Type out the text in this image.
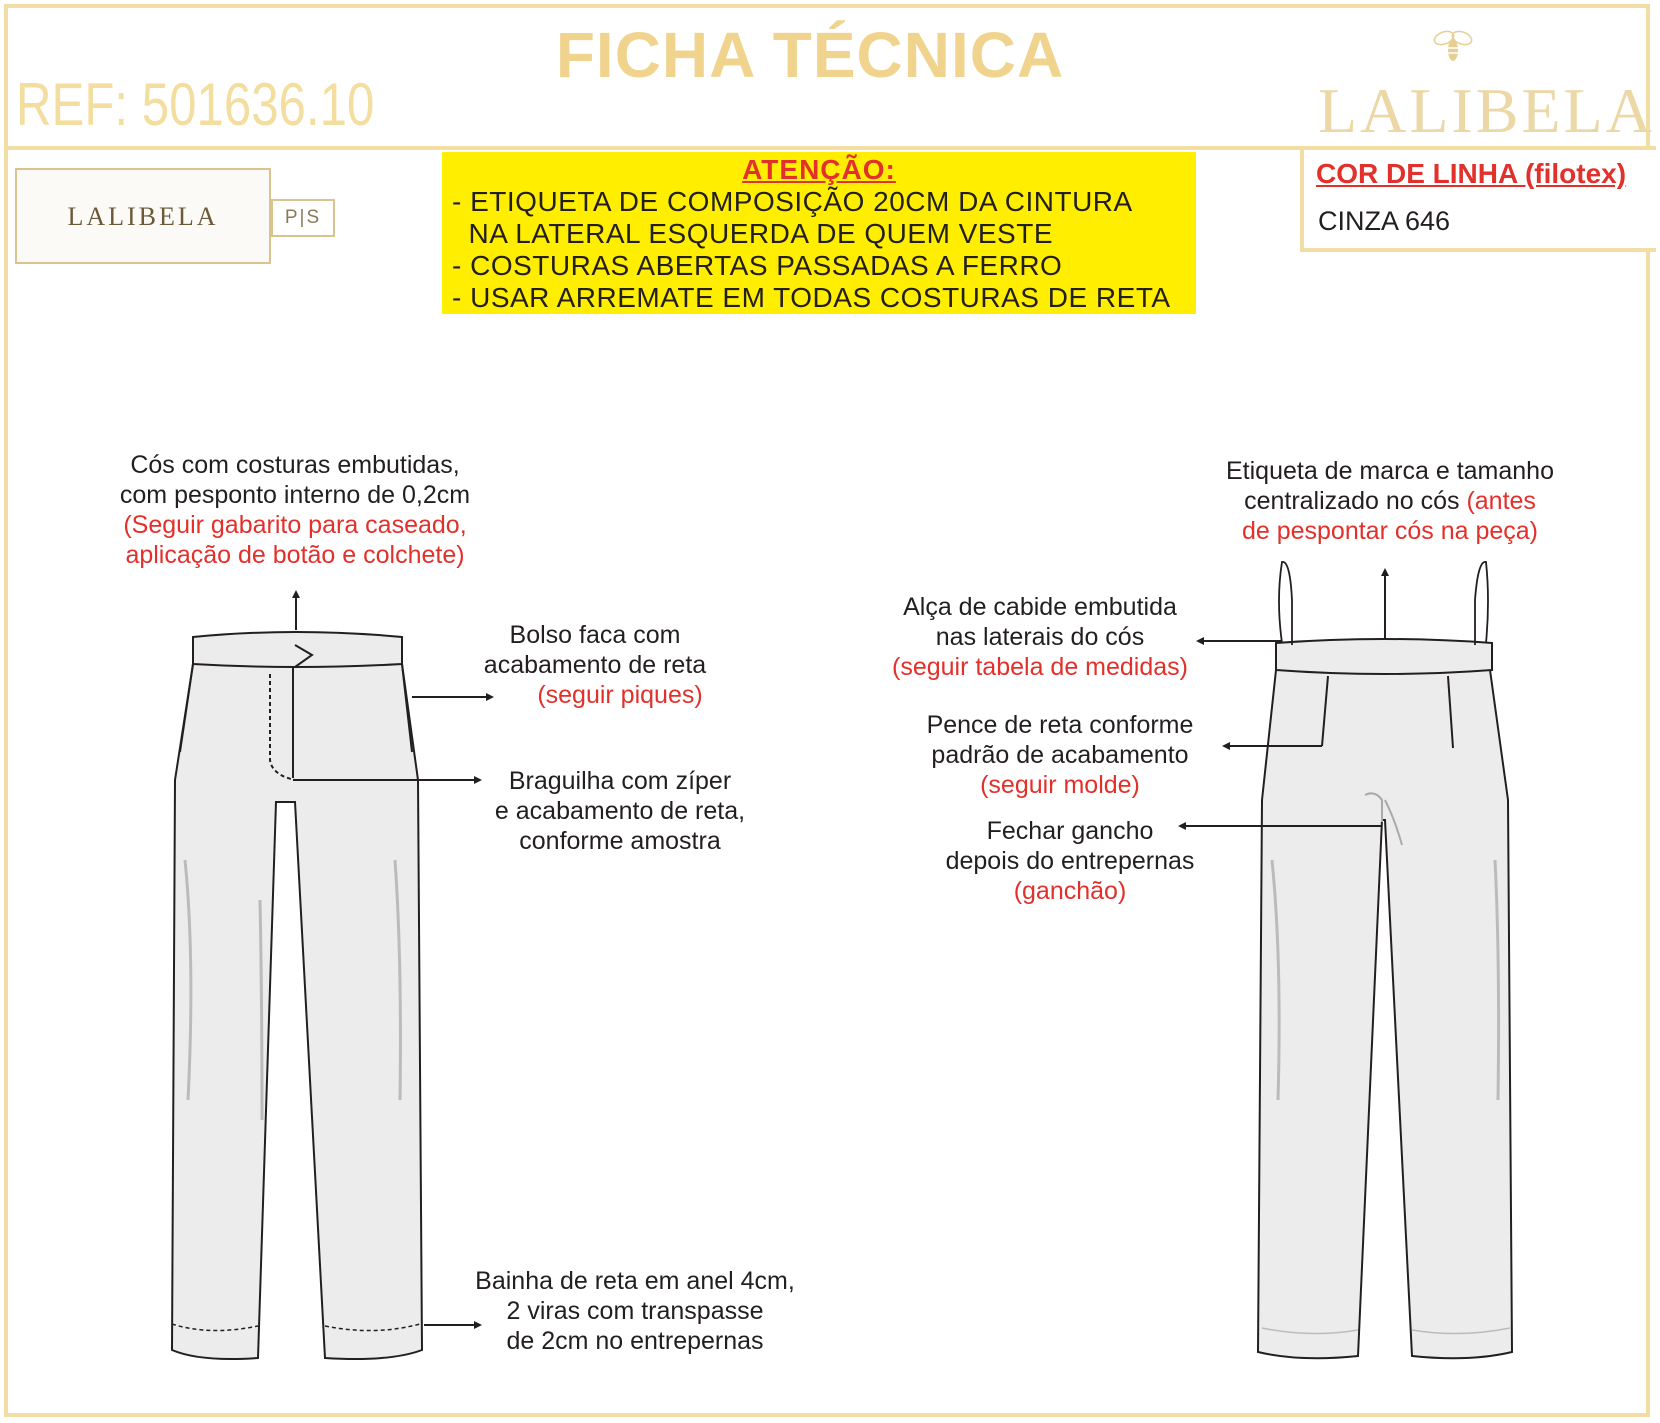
FICHA TÉCNICA
REF: 501636.10	LALIBELA
LALIBELA	P|S
ATENÇÃO:
- ETIQUETA DE COMPOSIÇÃO 20CM DA CINTURA
NA LATERAL ESQUERDA DE QUEM VESTE
- COSTURAS ABERTAS PASSADAS A FERRO
- USAR ARREMATE EM TODAS COSTURAS DE RETA
COR DE LINHA (filotex)
CINZA 646
Cós com costuras embutidas,
com pesponto interno de 0,2cm
(Seguir gabarito para caseado,
aplicação de botão e colchete)
Bolso faca com
acabamento de reta
(seguir piques)
Braguilha com zíper
e acabamento de reta,
conforme amostra
Bainha de reta em anel 4cm,
2 viras com transpasse
de 2cm no entrepernas
Etiqueta de marca e tamanho
centralizado no cós (antes
de pespontar cós na peça)
Alça de cabide embutida
nas laterais do cós
(seguir tabela de medidas)
Pence de reta conforme
padrão de acabamento
(seguir molde)
Fechar gancho
depois do entrepernas
(ganchão)
